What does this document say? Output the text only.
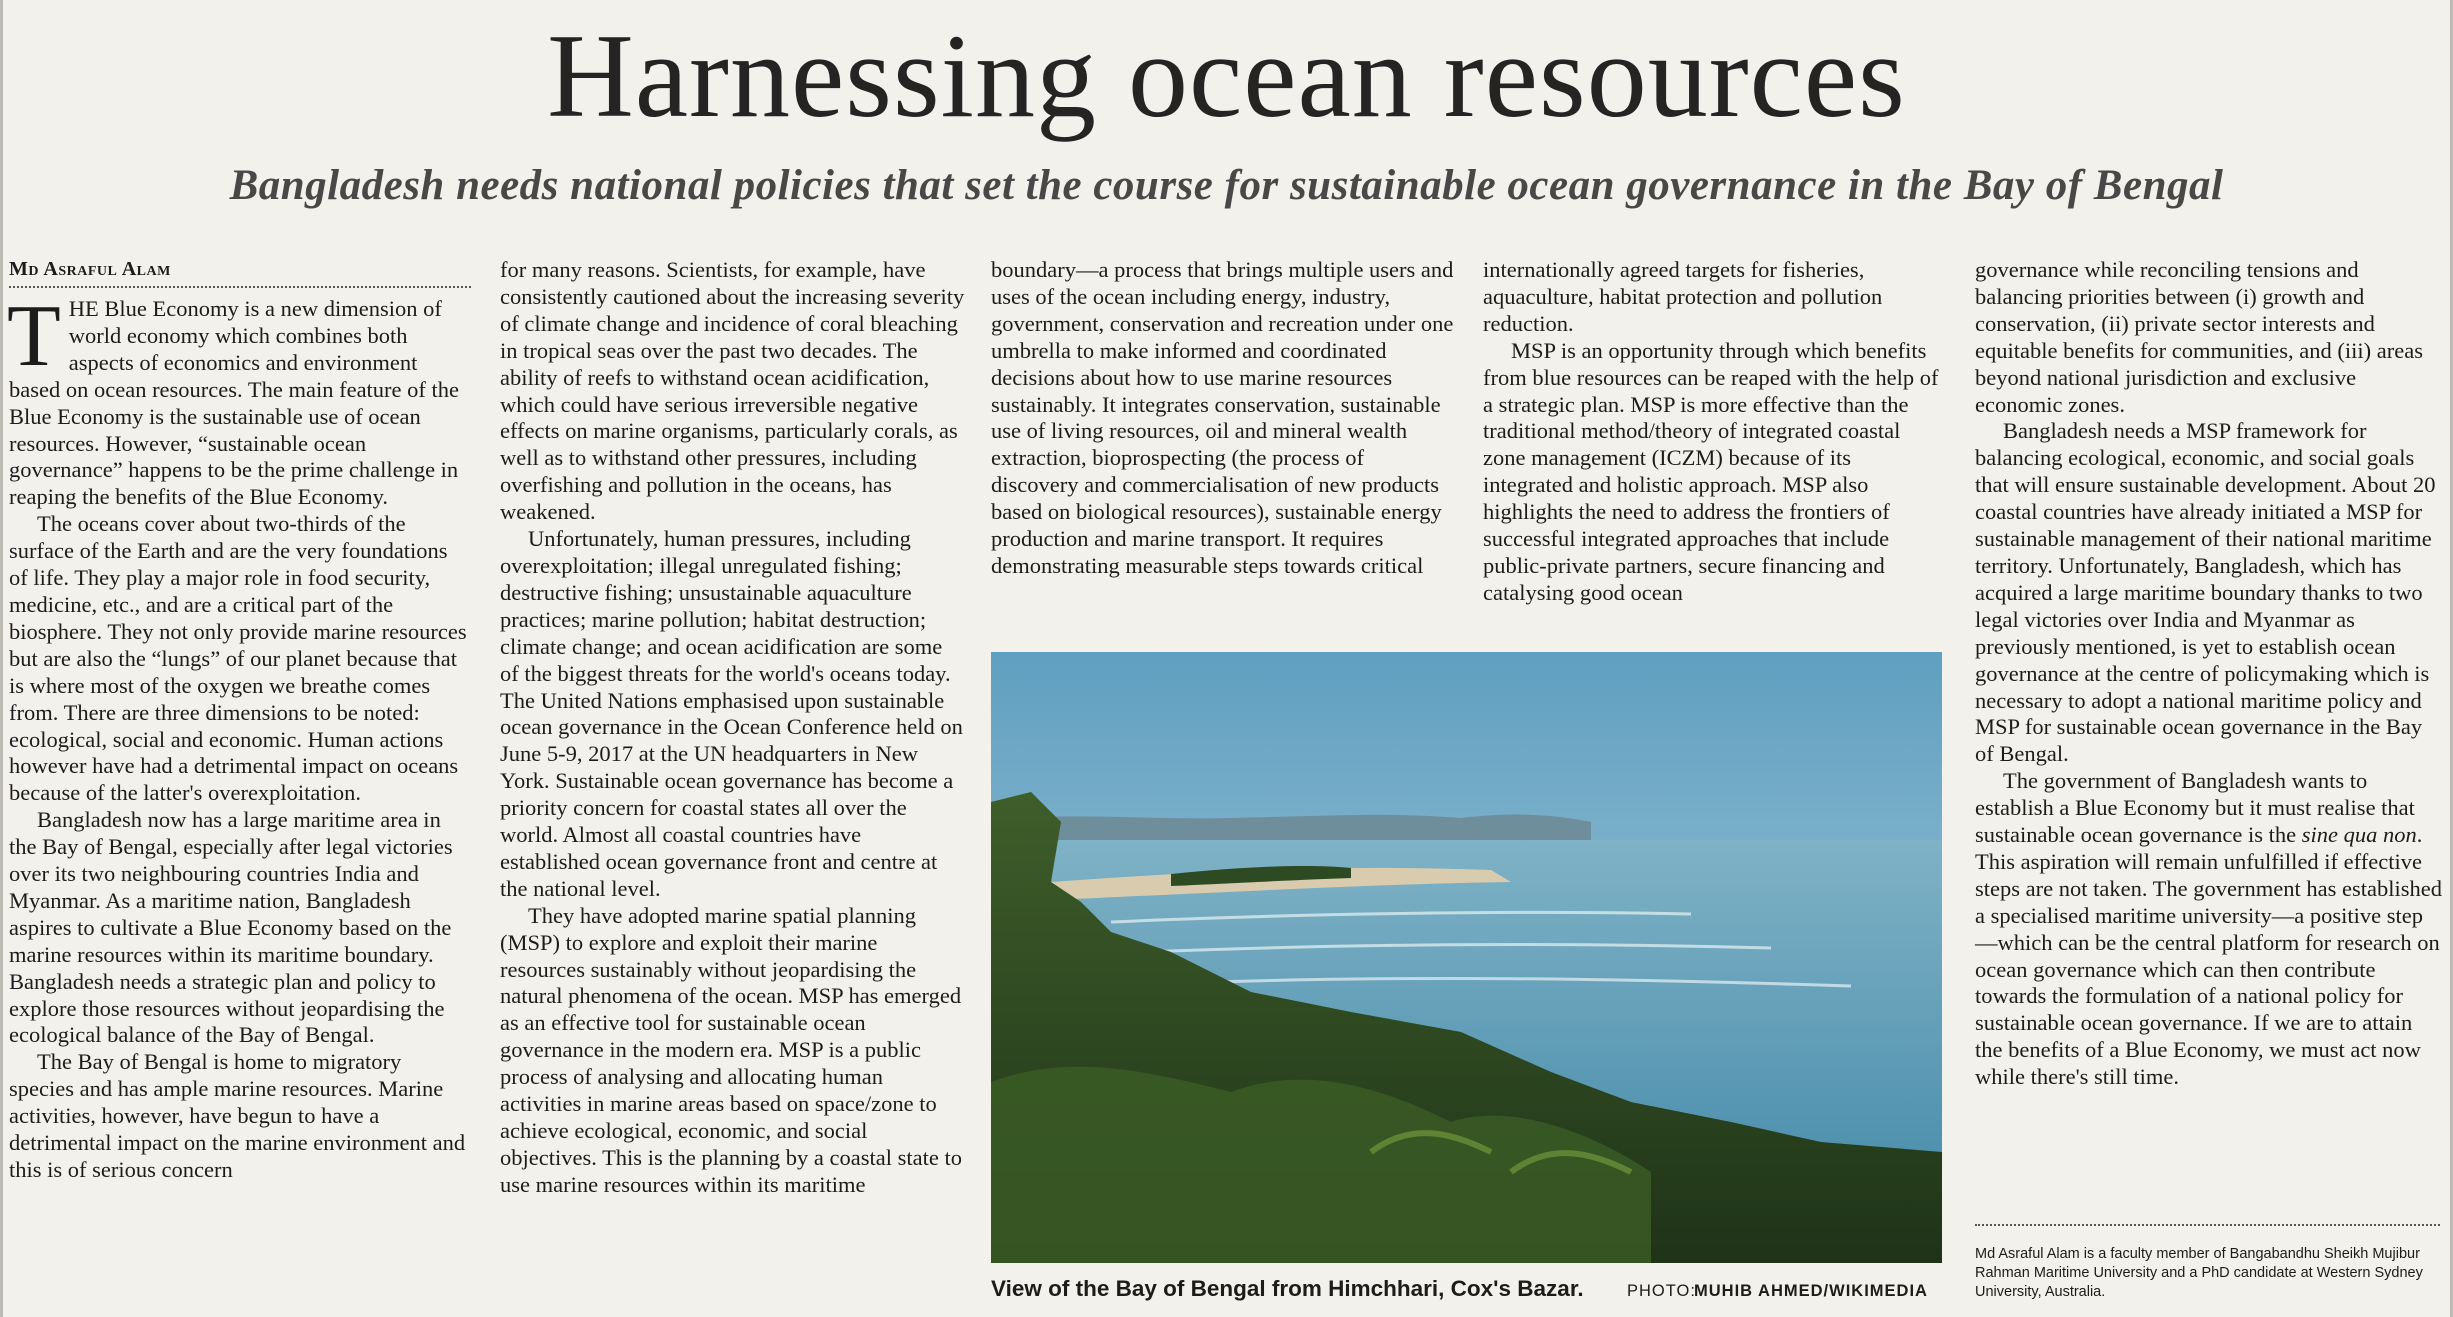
Harnessing ocean resources
Bangladesh needs national policies that set the course for sustainable ocean governance in the Bay of Bengal
Md Asraful Alam

THE Blue Economy is a new dimension of world economy which combines both aspects of economics and environment based on ocean resources. The main feature of the Blue Economy is the sustainable use of ocean resources. However, “sustainable ocean governance” happens to be the prime challenge in reaping the benefits of the Blue Economy.

The oceans cover about two-thirds of the surface of the Earth and are the very foundations of life. They play a major role in food security, medicine, etc., and are a critical part of the biosphere. They not only provide marine resources but are also the “lungs” of our planet because that is where most of the oxygen we breathe comes from. There are three dimensions to be noted: ecological, social and economic. Human actions however have had a detrimental impact on oceans because of the latter's overexploitation.

Bangladesh now has a large maritime area in the Bay of Bengal, especially after legal victories over its two neighbouring countries India and Myanmar. As a maritime nation, Bangladesh aspires to cultivate a Blue Economy based on the marine resources within its maritime boundary. Bangladesh needs a strategic plan and policy to explore those resources without jeopardising the ecological balance of the Bay of Bengal.

The Bay of Bengal is home to migratory species and has ample marine resources. Marine activities, however, have begun to have a detrimental impact on the marine environment and this is of serious concern

for many reasons. Scientists, for example, have consistently cautioned about the increasing severity of climate change and incidence of coral bleaching in tropical seas over the past two decades. The ability of reefs to withstand ocean acidification, which could have serious irreversible negative effects on marine organisms, particularly corals, as well as to withstand other pressures, including overfishing and pollution in the oceans, has weakened.

Unfortunately, human pressures, including overexploitation; illegal unregulated fishing; destructive fishing; unsustainable aquaculture practices; marine pollution; habitat destruction; climate change; and ocean acidification are some of the biggest threats for the world's oceans today. The United Nations emphasised upon sustainable ocean governance in the Ocean Conference held on June 5-9, 2017 at the UN headquarters in New York. Sustainable ocean governance has become a priority concern for coastal states all over the world. Almost all coastal countries have established ocean governance front and centre at the national level.

They have adopted marine spatial planning (MSP) to explore and exploit their marine resources sustainably without jeopardising the natural phenomena of the ocean. MSP has emerged as an effective tool for sustainable ocean governance in the modern era. MSP is a public process of analysing and allocating human activities in marine areas based on space/zone to achieve ecological, economic, and social objectives. This is the planning by a coastal state to use marine resources within its maritime

boundary—a process that brings multiple users and uses of the ocean including energy, industry, government, conservation and recreation under one umbrella to make informed and coordinated decisions about how to use marine resources sustainably. It integrates conservation, sustainable use of living resources, oil and mineral wealth extraction, bioprospecting (the process of discovery and commercialisation of new products based on biological resources), sustainable energy production and marine transport. It requires demonstrating measurable steps towards critical

internationally agreed targets for fisheries, aquaculture, habitat protection and pollution reduction.

MSP is an opportunity through which benefits from blue resources can be reaped with the help of a strategic plan. MSP is more effective than the traditional method/theory of integrated coastal zone management (ICZM) because of its integrated and holistic approach. MSP also highlights the need to address the frontiers of successful integrated approaches that include public-private partners, secure financing and catalysing good ocean

governance while reconciling tensions and balancing priorities between (i) growth and conservation, (ii) private sector interests and equitable benefits for communities, and (iii) areas beyond national jurisdiction and exclusive economic zones.

Bangladesh needs a MSP framework for balancing ecological, economic, and social goals that will ensure sustainable development. About 20 coastal countries have already initiated a MSP for sustainable management of their national maritime territory. Unfortunately, Bangladesh, which has acquired a large maritime boundary thanks to two legal victories over India and Myanmar as previously mentioned, is yet to establish ocean governance at the centre of policymaking which is necessary to adopt a national maritime policy and MSP for sustainable ocean governance in the Bay of Bengal.

The government of Bangladesh wants to establish a Blue Economy but it must realise that sustainable ocean governance is the sine qua non. This aspiration will remain unfulfilled if effective steps are not taken. The government has established a specialised maritime university—a positive step—which can be the central platform for research on ocean governance which can then contribute towards the formulation of a national policy for sustainable ocean governance. If we are to attain the benefits of a Blue Economy, we must act now while there's still time.

View of the Bay of Bengal from Himchhari, Cox's Bazar.	PHOTO:
MUHIB AHMED/WIKIMEDIA
Md Asraful Alam is a faculty member of Bangabandhu Sheikh Mujibur Rahman Maritime University and a PhD candidate at Western Sydney University, Australia.
